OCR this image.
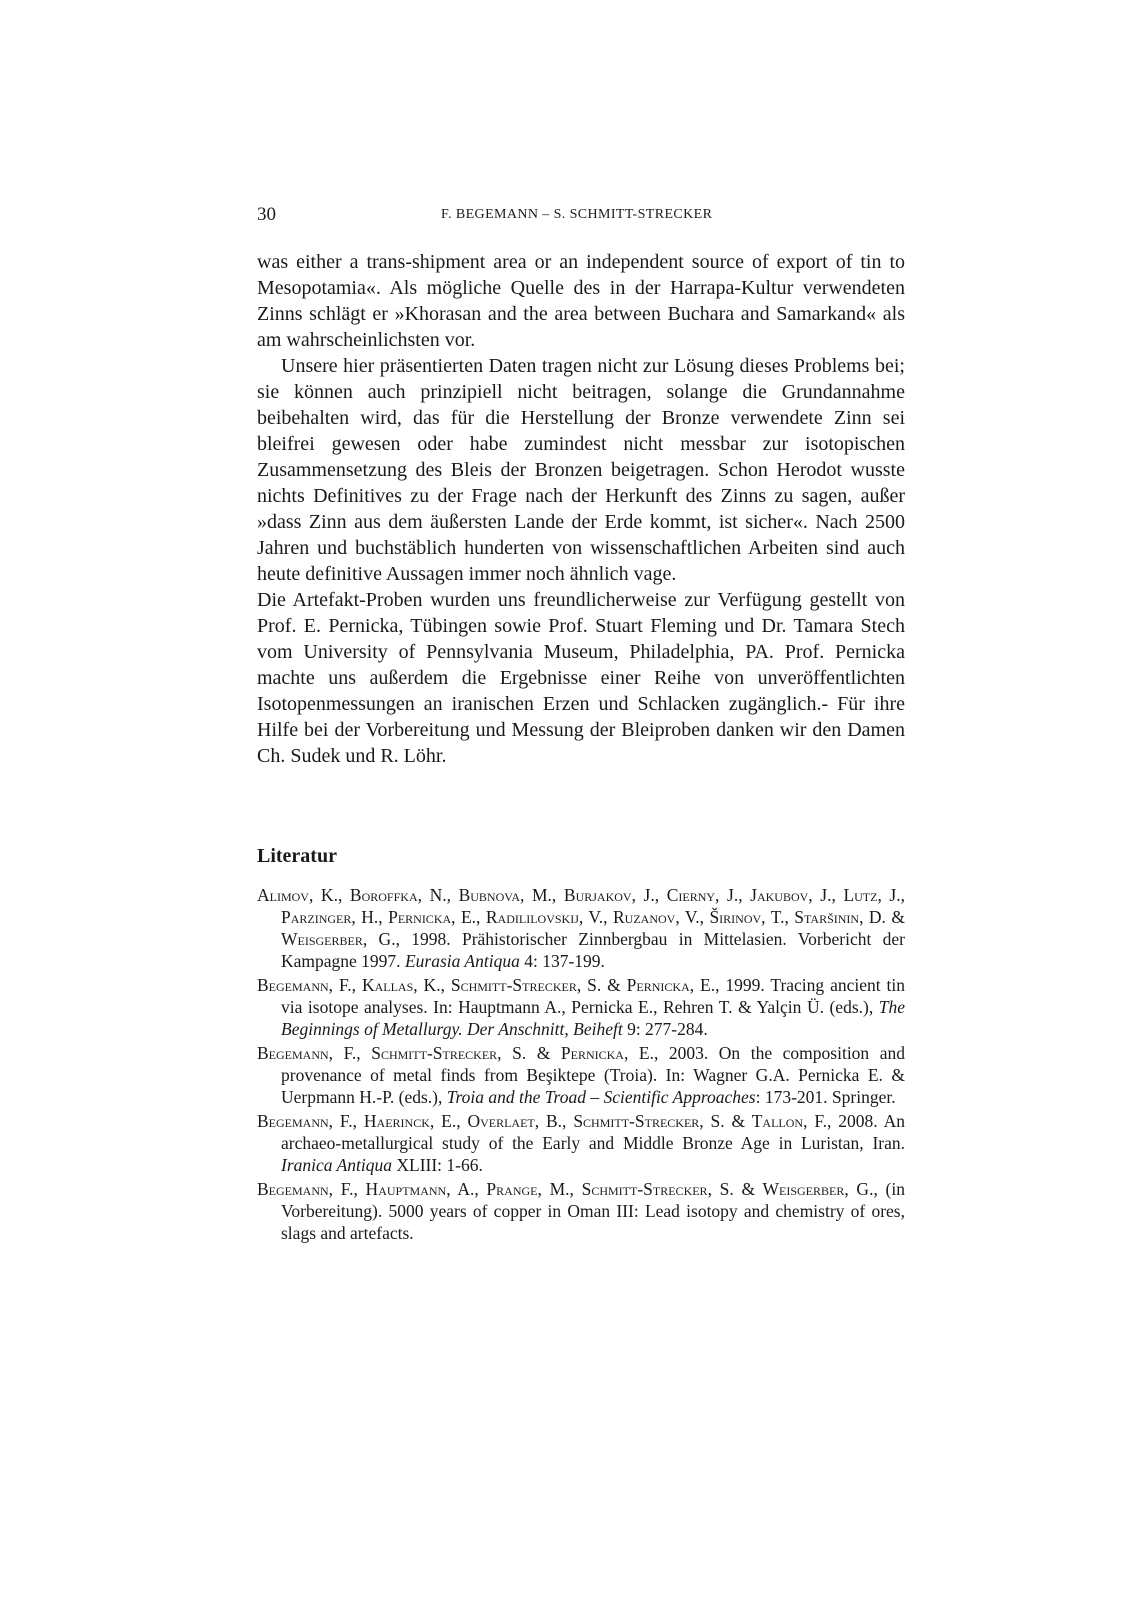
30	F. BEGEMANN – S. SCHMITT-STRECKER

was either a trans-shipment area or an independent source of export of tin to Mesopotamia«. Als mögliche Quelle des in der Harrapa-Kultur verwendeten Zinns schlägt er »Khorasan and the area between Buchara and Samarkand« als am wahrscheinlichsten vor.

Unsere hier präsentierten Daten tragen nicht zur Lösung dieses Problems bei; sie können auch prinzipiell nicht beitragen, solange die Grundannahme beibehalten wird, das für die Herstellung der Bronze verwendete Zinn sei bleifrei gewesen oder habe zumindest nicht messbar zur isotopischen Zusammensetzung des Bleis der Bronzen beigetragen. Schon Herodot wusste nichts Definitives zu der Frage nach der Herkunft des Zinns zu sagen, außer »dass Zinn aus dem äußersten Lande der Erde kommt, ist sicher«. Nach 2500 Jahren und buchstäblich hunderten von wissenschaftlichen Arbeiten sind auch heute definitive Aussagen immer noch ähnlich vage.

Die Artefakt-Proben wurden uns freundlicherweise zur Verfügung gestellt von Prof. E. Pernicka, Tübingen sowie Prof. Stuart Fleming und Dr. Tamara Stech vom University of Pennsylvania Museum, Philadelphia, PA. Prof. Pernicka machte uns außerdem die Ergebnisse einer Reihe von unveröffentlichten Isotopenmessungen an iranischen Erzen und Schlacken zugänglich.- Für ihre Hilfe bei der Vorbereitung und Messung der Bleiproben danken wir den Damen Ch. Sudek und R. Löhr.

Literatur

Alimov, K., Boroffka, N., Bubnova, M., Burjakov, J., Cierny, J., Jakubov, J., Lutz, J., Parzinger, H., Pernicka, E., Radililovskij, V., Ruzanov, V., Širinov, T., Staršinin, D. & Weisgerber, G., 1998. Prähistorischer Zinnbergbau in Mittelasien. Vorbericht der Kampagne 1997. Eurasia Antiqua 4: 137-199.

Begemann, F., Kallas, K., Schmitt-Strecker, S. & Pernicka, E., 1999. Tracing ancient tin via isotope analyses. In: Hauptmann A., Pernicka E., Rehren T. & Yalçin Ü. (eds.), The Beginnings of Metallurgy. Der Anschnitt, Beiheft 9: 277-284.

Begemann, F., Schmitt-Strecker, S. & Pernicka, E., 2003. On the composition and provenance of metal finds from Beşiktepe (Troia). In: Wagner G.A. Pernicka E. & Uerpmann H.-P. (eds.), Troia and the Troad – Scientific Approaches: 173-201. Springer.

Begemann, F., Haerinck, E., Overlaet, B., Schmitt-Strecker, S. & Tallon, F., 2008. An archaeo-metallurgical study of the Early and Middle Bronze Age in Luristan, Iran. Iranica Antiqua XLIII: 1-66.

Begemann, F., Hauptmann, A., Prange, M., Schmitt-Strecker, S. & Weisgerber, G., (in Vorbereitung). 5000 years of copper in Oman III: Lead isotopy and chemistry of ores, slags and artefacts.
